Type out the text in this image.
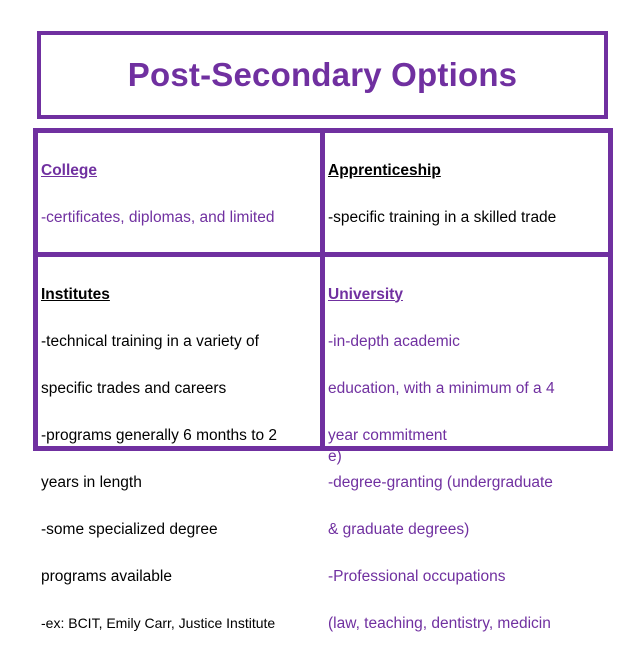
Post-Secondary Options

College

-certificates, diplomas, and limited

Apprenticeship

-specific training in a skilled trade

Institutes

-technical training in a variety of

specific trades and careers

-programs generally 6 months to 2

years in length

-some specialized degree

programs available

-ex: BCIT, Emily Carr, Justice Institute

University

-in-depth academic

education, with a minimum of a 4

year commitment

-degree-granting (undergraduate

& graduate degrees)

-Professional occupations

(law, teaching, dentistry, medicin

e)
